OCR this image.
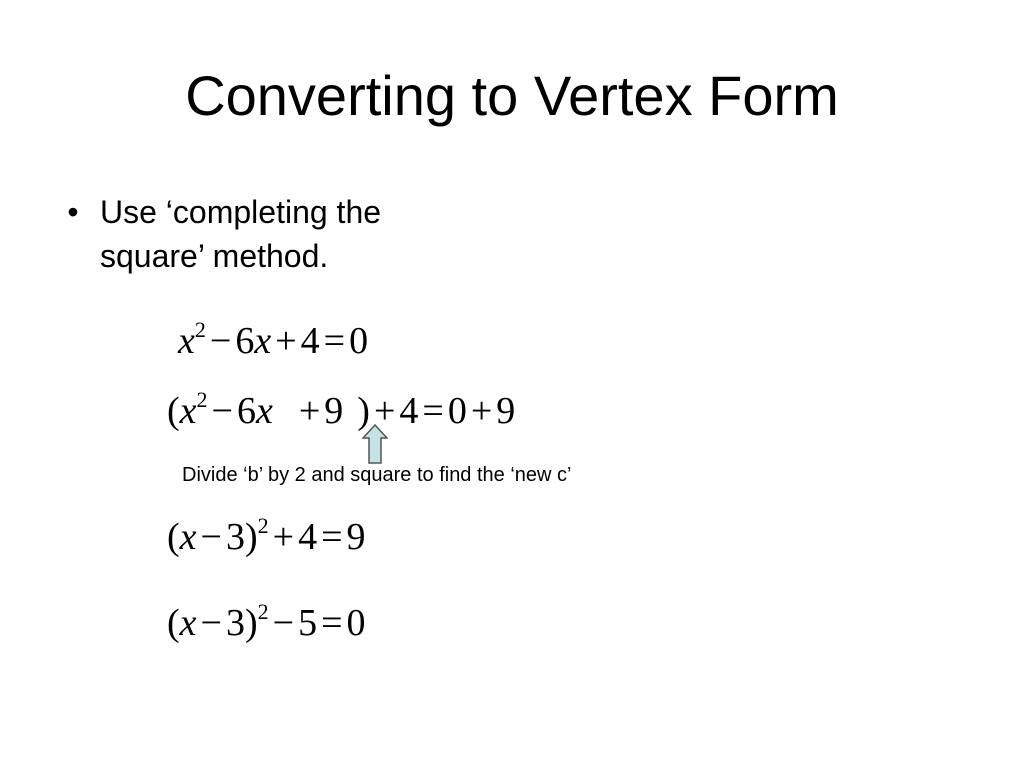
Converting to Vertex Form
• Use ‘completing the square’ method.
$x^2 - 6x + 4 = 0$
($x^2 - 6x + 9$ ) + 4 = 0 + 9
Divide ‘b’ by 2 and square to find the ‘new c’
$(x - 3)^2 + 4 = 9$
$(x - 3)^2 - 5 = 0$
